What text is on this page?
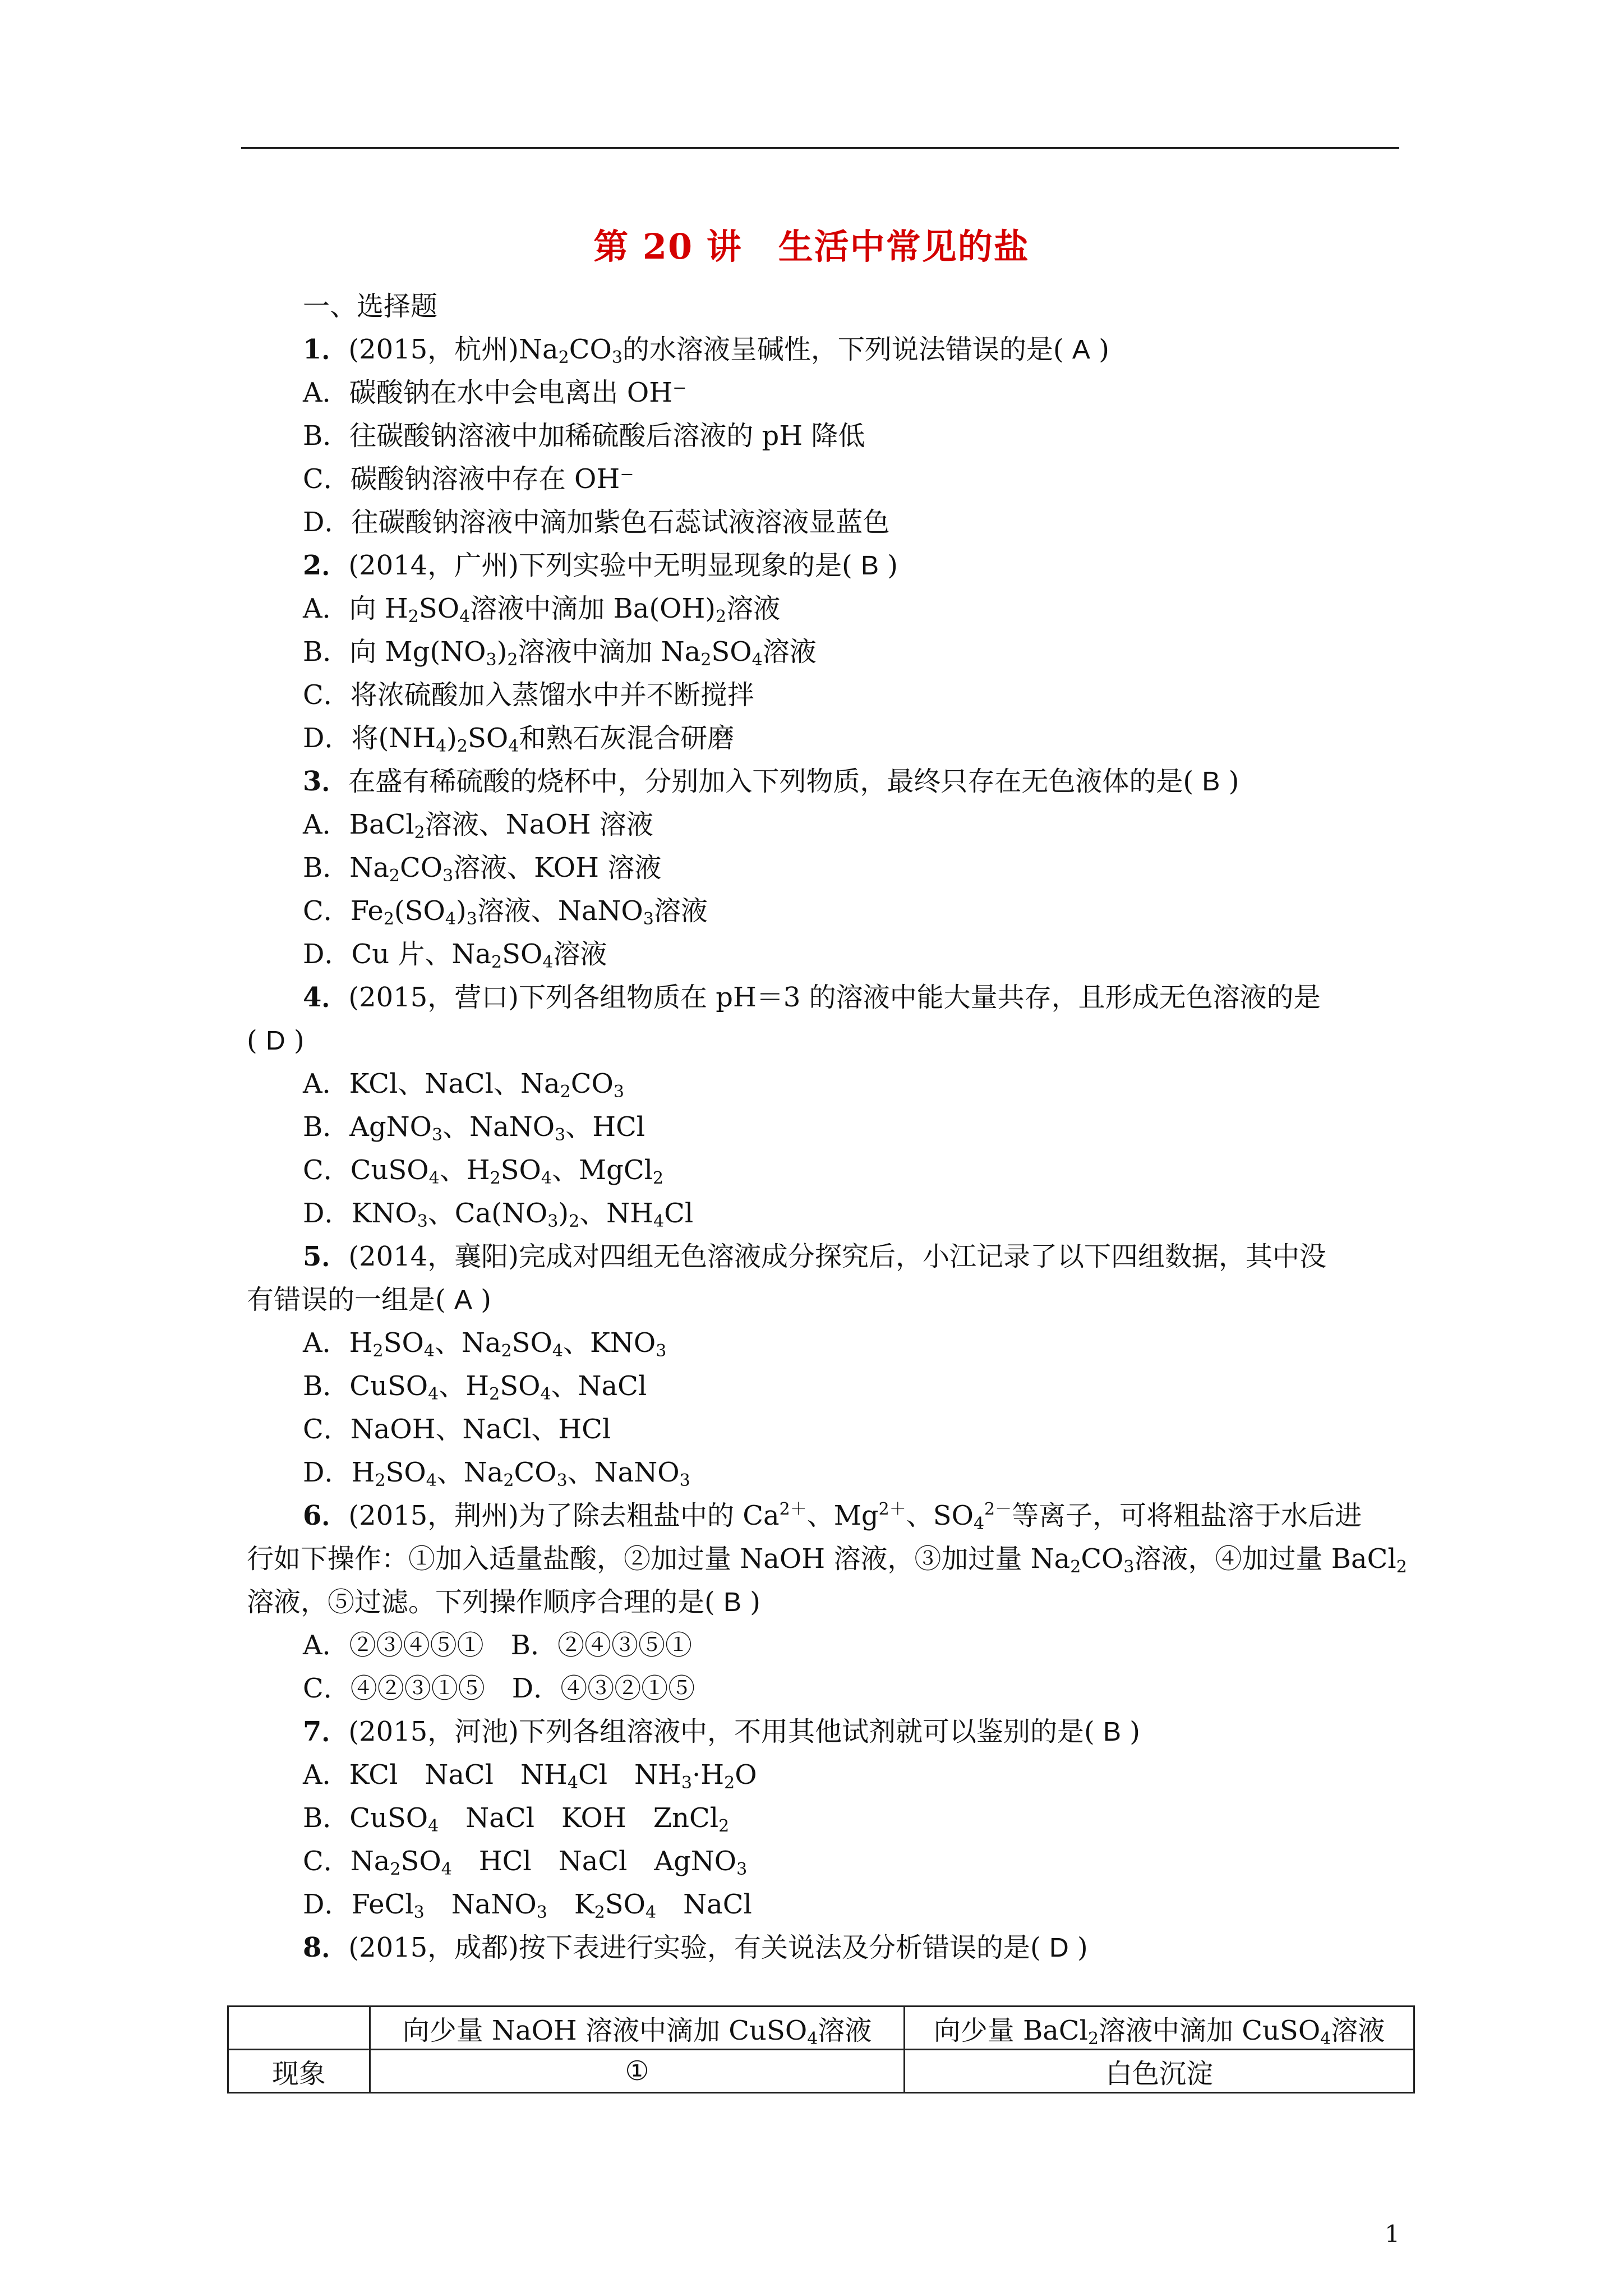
第 20 讲　生活中常见的盐
一、选择题
1．(2015，杭州)$Na_2CO_3$的水溶液呈碱性，下列说法错误的是( A )
A．碳酸钠在水中会电离出 OH⁻
B．往碳酸钠溶液中加稀硫酸后溶液的 pH 降低
C．碳酸钠溶液中存在 OH⁻
D．往碳酸钠溶液中滴加紫色石蕊试液溶液显蓝色
2．(2014，广州)下列实验中无明显现象的是( B )
A．向 $H_2SO_4$溶液中滴加 $Ba(OH)_2$溶液
B．向 $Mg(NO_3)_2$溶液中滴加 $Na_2SO_4$溶液
C．将浓硫酸加入蒸馏水中并不断搅拌
D．将$(NH_4)_2SO_4$和熟石灰混合研磨
3．在盛有稀硫酸的烧杯中，分别加入下列物质，最终只存在无色液体的是( B )
A．BaCl$_2$溶液、NaOH 溶液
B．$Na_2CO_3$溶液、KOH 溶液
C．$Fe_2(SO_4)_3$溶液、NaNO$_3$溶液
D．Cu 片、$Na_2SO_4$溶液
4．(2015，营口)下列各组物质在 pH＝3 的溶液中能大量共存，且形成无色溶液的是
( D )
A．KCl、NaCl、$Na_2CO_3$
B．AgNO$_3$、NaNO$_3$、HCl
C．CuSO$_4$、$H_2SO_4$、MgCl$_2$
D．$KNO_3$、$Ca(NO_3)_2$、$NH_4Cl$
5．(2014，襄阳)完成对四组无色溶液成分探究后，小江记录了以下四组数据，其中没
有错误的一组是( A )
A．$H_2SO_4$、$Na_2SO_4$、$KNO_3$
B．CuSO$_4$、$H_2SO_4$、NaCl
C．NaOH、NaCl、HCl
D．$H_2SO_4$、$Na_2CO_3$、NaNO$_3$
6．(2015，荆州)为了除去粗盐中的 $Ca^{2+}$、$Mg^{2+}$、$SO_4^{2-}$等离子，可将粗盐溶于水后进
行如下操作：①加入适量盐酸，②加过量 NaOH 溶液，③加过量 $Na_2CO_3$溶液，④加过量 BaCl$_2$
溶液，⑤过滤。下列操作顺序合理的是( B )
A．②③④⑤①　B．②④③⑤①
C．④②③①⑤　D．④③②①⑤
7．(2015，河池)下列各组溶液中，不用其他试剂就可以鉴别的是( B )
A．KCl　NaCl　$NH_4Cl$　$NH_3\cdot H_2O$
B．CuSO$_4$　NaCl　KOH　ZnCl$_2$
C．$Na_2SO_4$　HCl　NaCl　AgNO$_3$
D．FeCl$_3$　NaNO$_3$　$K_2SO_4$　NaCl
8．(2015，成都)按下表进行实验，有关说法及分析错误的是( D )
	向少量 NaOH 溶液中滴加 CuSO$_4$溶液	向少量 BaCl$_2$溶液中滴加 CuSO$_4$溶液
现象	①	白色沉淀
1
